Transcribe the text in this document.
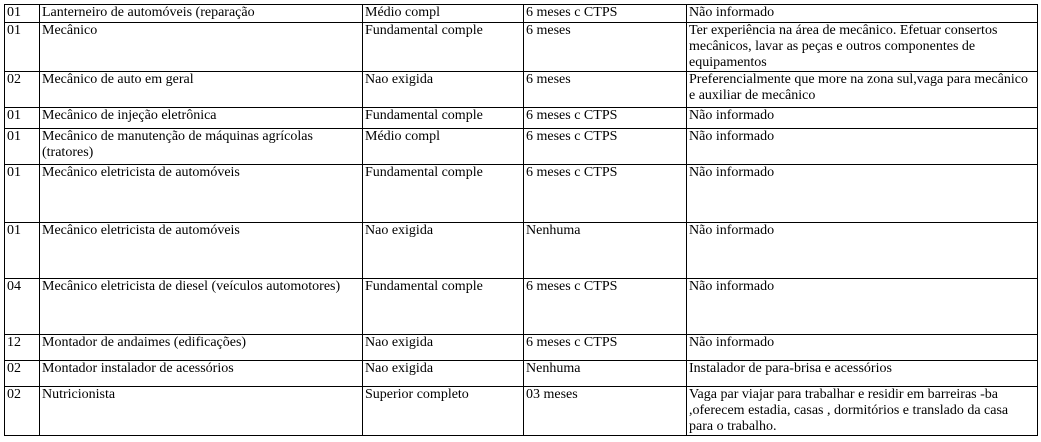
01	Lanterneiro de automóveis (reparação	Médio compl	6 meses c CTPS	Não informado
01	Mecânico	Fundamental comple	6 meses	Ter experiência na área de mecânico. Efetuar consertos mecânicos, lavar as peças e outros componentes de equipamentos
02	Mecânico de auto em geral	Nao exigida	6 meses	Preferencialmente que more na zona sul,vaga para mecânico e auxiliar de mecânico
01	Mecânico de injeção eletrônica	Fundamental comple	6 meses c CTPS	Não informado
01	Mecânico de manutenção de máquinas agrícolas (tratores)	Médio compl	6 meses c CTPS	Não informado
01	Mecânico eletricista de automóveis	Fundamental comple	6 meses c CTPS	Não informado
01	Mecânico eletricista de automóveis	Nao exigida	Nenhuma	Não informado
04	Mecânico eletricista de diesel (veículos automotores)	Fundamental comple	6 meses c CTPS	Não informado
12	Montador de andaimes (edificações)	Nao exigida	6 meses c CTPS	Não informado
02	Montador instalador de acessórios	Nao exigida	Nenhuma	Instalador de para-brisa e acessórios
02	Nutricionista	Superior completo	03 meses	Vaga par viajar para trabalhar e residir em barreiras -ba ,oferecem estadia, casas , dormitórios e translado da casa para o trabalho.
